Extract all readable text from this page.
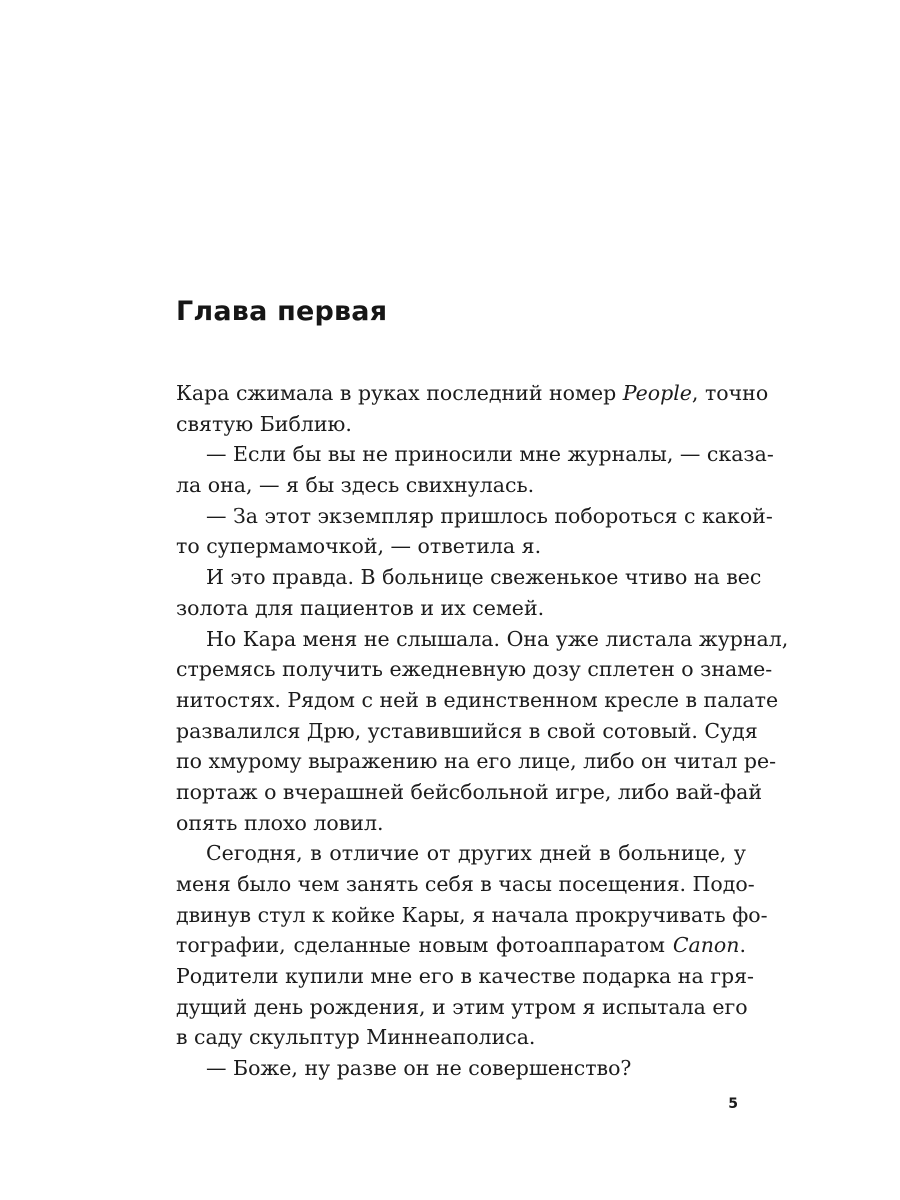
Глава первая
Кара сжимала в руках последний номер People, точно
святую Библию.
— Если бы вы не приносили мне журналы, — сказа-
ла она, — я бы здесь свихнулась.
— За этот экземпляр пришлось побороться с какой-
то супермамочкой, — ответила я.
И это правда. В больнице свеженькое чтиво на вес
золота для пациентов и их семей.
Но Кара меня не слышала. Она уже листала журнал,
стремясь получить ежедневную дозу сплетен о знаме-
нитостях. Рядом с ней в единственном кресле в палате
развалился Дрю, уставившийся в свой сотовый. Судя
по хмурому выражению на его лице, либо он читал ре-
портаж о вчерашней бейсбольной игре, либо вай-фай
опять плохо ловил.
Сегодня, в отличие от других дней в больнице, у
меня было чем занять себя в часы посещения. Подо-
двинув стул к койке Кары, я начала прокручивать фо-
тографии, сделанные новым фотоаппаратом Canon.
Родители купили мне его в качестве подарка на гря-
дущий день рождения, и этим утром я испытала его
в саду скульптур Миннеаполиса.
— Боже, ну разве он не совершенство?
5
